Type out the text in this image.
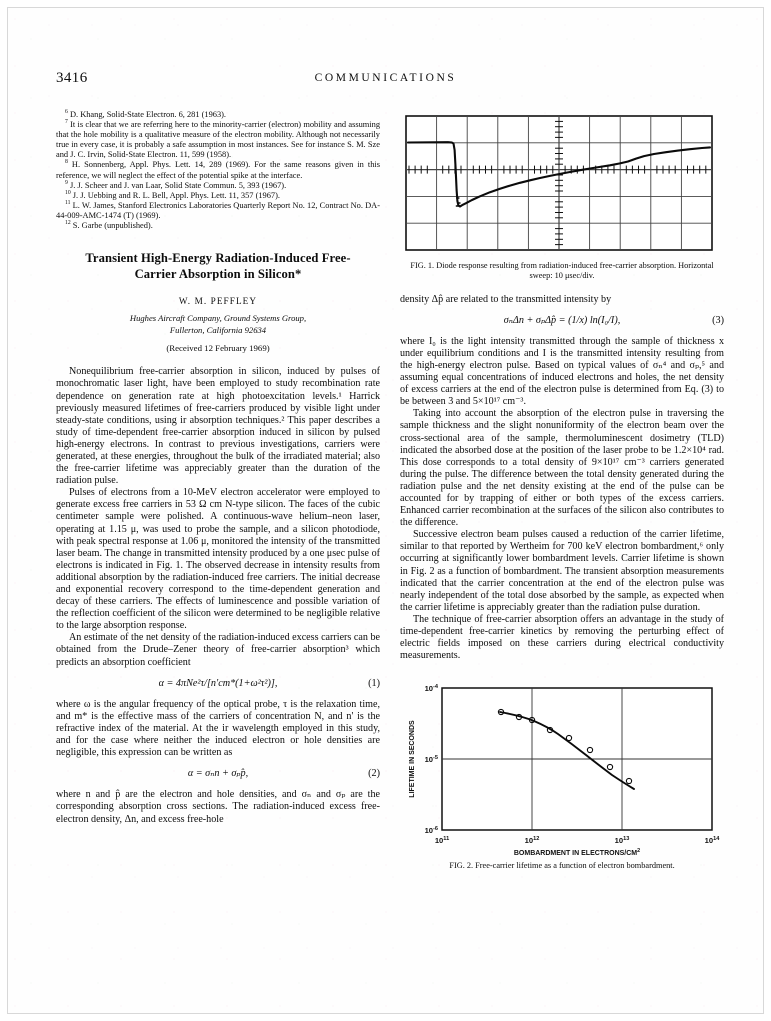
3416	COMMUNICATIONS

$^6$ D. Khang, Solid-State Electron. 6, 281 (1963).

$^7$ It is clear that we are referring here to the minority-carrier (electron) mobility and assuming that the hole mobility is a qualitative measure of the electron mobility. Although not necessarily true in every case, it is probably a safe assumption in most instances. See for instance S. M. Sze and J. C. Irvin, Solid-State Electron. 11, 599 (1958).

$^8$ H. Sonnenberg, Appl. Phys. Lett. 14, 289 (1969). For the same reasons given in this reference, we will neglect the effect of the potential spike at the interface.

$^9$ J. J. Scheer and J. van Laar, Solid State Commun. 5, 393 (1967).

$^{10}$ J. J. Uebbing and R. L. Bell, Appl. Phys. Lett. 11, 357 (1967).

$^{11}$ L. W. James, Stanford Electronics Laboratories Quarterly Report No. 12, Contract No. DA-44-009-AMC-1474 (T) (1969).

$^{12}$ S. Garbe (unpublished).

Transient High-Energy Radiation-Induced Free-
Carrier Absorption in Silicon*
W. M. PEFFLEY
Hughes Aircraft Company, Ground Systems Group,
Fullerton, California 92634
(Received 12 February 1969)

Nonequilibrium free-carrier absorption in silicon, induced by pulses of monochromatic laser light, have been employed to study recombination rate dependence on generation rate at high photoexcitation levels.¹ Harrick previously measured lifetimes of free-carriers produced by visible light under steady-state conditions, using ir absorption techniques.² This paper describes a study of time-dependent free-carrier absorption induced in silicon by pulsed high-energy electrons. In contrast to previous investigations, carriers were generated, at these energies, throughout the bulk of the irradiated material; also the free-carrier lifetime was appreciably greater than the duration of the radiation pulse.

Pulses of electrons from a 10-MeV electron accelerator were employed to generate excess free carriers in 53 Ω cm N-type silicon. The faces of the cubic centimeter sample were polished. A continuous-wave helium–neon laser, operating at 1.15 μ, was used to probe the sample, and a silicon photodiode, with peak spectral response at 1.06 μ, monitored the intensity of the transmitted laser beam. The change in transmitted intensity produced by a one μsec pulse of electrons is indicated in Fig. 1. The observed decrease in intensity results from additional absorption by the radiation-induced free carriers. The initial decrease and exponential recovery correspond to the time-dependent generation and decay of these carriers. The effects of luminescence and possible variation of the reflection coefficient of the silicon were determined to be negligible relative to the large absorption response.

An estimate of the net density of the radiation-induced excess carriers can be obtained from the Drude–Zener theory of free-carrier absorption³ which predicts an absorption coefficient

α = 4πNe²τ/[n'cm*(1+ω²τ²)],	(1)

where ω is the angular frequency of the optical probe, τ is the relaxation time, and m* is the effective mass of the carriers of concentration N, and n' is the refractive index of the material. At the ir wavelength employed in this study, and for the case where neither the induced electron or hole densities are negligible, this expression can be written as

α = σₙn + σₚp̂,	(2)

where n and p̂ are the electron and hole densities, and σₙ and σₚ are the corresponding absorption cross sections. The radiation-induced excess free-electron density, Δn, and excess free-hole

FIG. 1. Diode response resulting from radiation-induced free-carrier absorption. Horizontal sweep: 10 μsec/div.

density Δp̂ are related to the transmitted intensity by

σₙΔn + σₚΔp̂ = (1/x) ln(I₀/I),	(3)

where I₀ is the light intensity transmitted through the sample of thickness x under equilibrium conditions and I is the transmitted intensity resulting from the high-energy electron pulse. Based on typical values of σₙ⁴ and σₚ,⁵ and assuming equal concentrations of induced electrons and holes, the net density of excess carriers at the end of the electron pulse is determined from Eq. (3) to be between 3 and 5×10¹⁷ cm⁻³.

Taking into account the absorption of the electron pulse in traversing the sample thickness and the slight nonuniformity of the electron beam over the cross-sectional area of the sample, thermoluminescent dosimetry (TLD) indicated the absorbed dose at the position of the laser probe to be 1.2×10⁴ rad. This dose corresponds to a total density of 9×10¹⁷ cm⁻³ carriers generated during the pulse. The difference between the total density generated during the radiation pulse and the net density existing at the end of the pulse can be accounted for by trapping of either or both types of the excess carriers. Enhanced carrier recombination at the surfaces of the silicon also contributes to the difference.

Successive electron beam pulses caused a reduction of the carrier lifetime, similar to that reported by Wertheim for 700 keV electron bombardment,⁶ only occurring at significantly lower bombardment levels. Carrier lifetime is shown in Fig. 2 as a function of bombardment. The transient absorption measurements indicated that the carrier concentration at the end of the electron pulse was nearly independent of the total dose absorbed by the sample, as expected when the carrier lifetime is appreciably greater than the radiation pulse duration.

The technique of free-carrier absorption offers an advantage in the study of time-dependent free-carrier kinetics by removing the perturbing effect of electric fields imposed on these carriers during electrical conductivity measurements.

$10^{-4}$
$10^{-5}$
$10^{-6}$
$10^{11}$	$10^{12}$	$10^{13}$	$10^{14}$
BOMBARDMENT IN ELECTRONS/$CM^2$
LIFETIME IN SECONDS
FIG. 2. Free-carrier lifetime as a function of electron bombardment.
